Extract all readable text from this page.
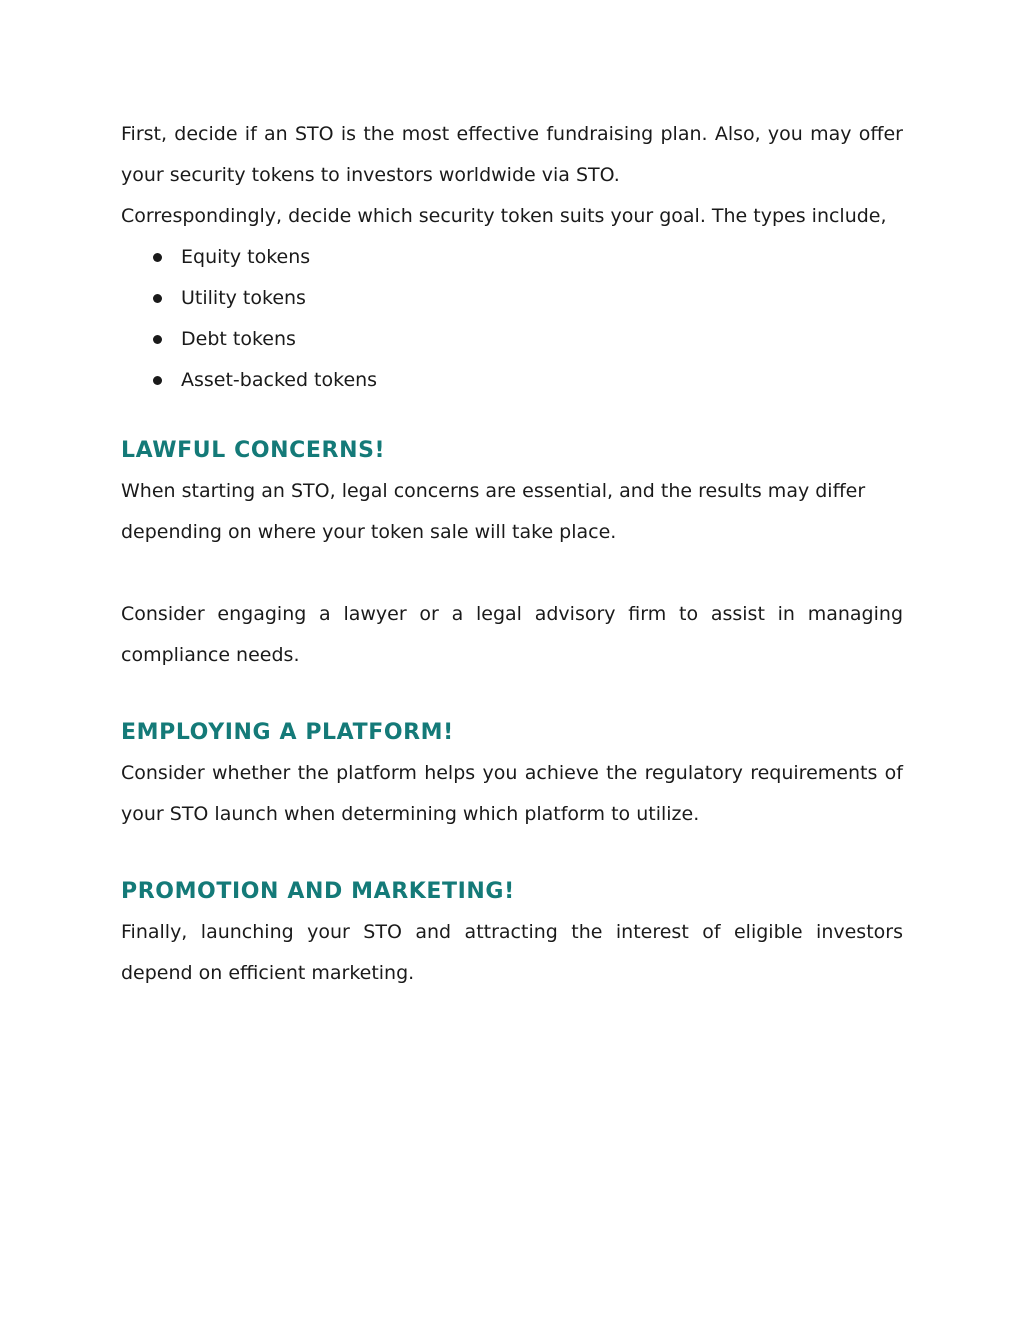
First, decide if an STO is the most effective fundraising plan. Also, you may offer your security tokens to investors worldwide via STO.

Correspondingly, decide which security token suits your goal. The types include,

Equity tokens
Utility tokens
Debt tokens
Asset-backed tokens
LAWFUL CONCERNS!

When starting an STO, legal concerns are essential, and the results may differ depending on where your token sale will take place.

Consider engaging a lawyer or a legal advisory firm to assist in managing compliance needs.

EMPLOYING A PLATFORM!

Consider whether the platform helps you achieve the regulatory requirements of your STO launch when determining which platform to utilize.

PROMOTION AND MARKETING!

Finally, launching your STO and attracting the interest of eligible investors depend on efficient marketing.
